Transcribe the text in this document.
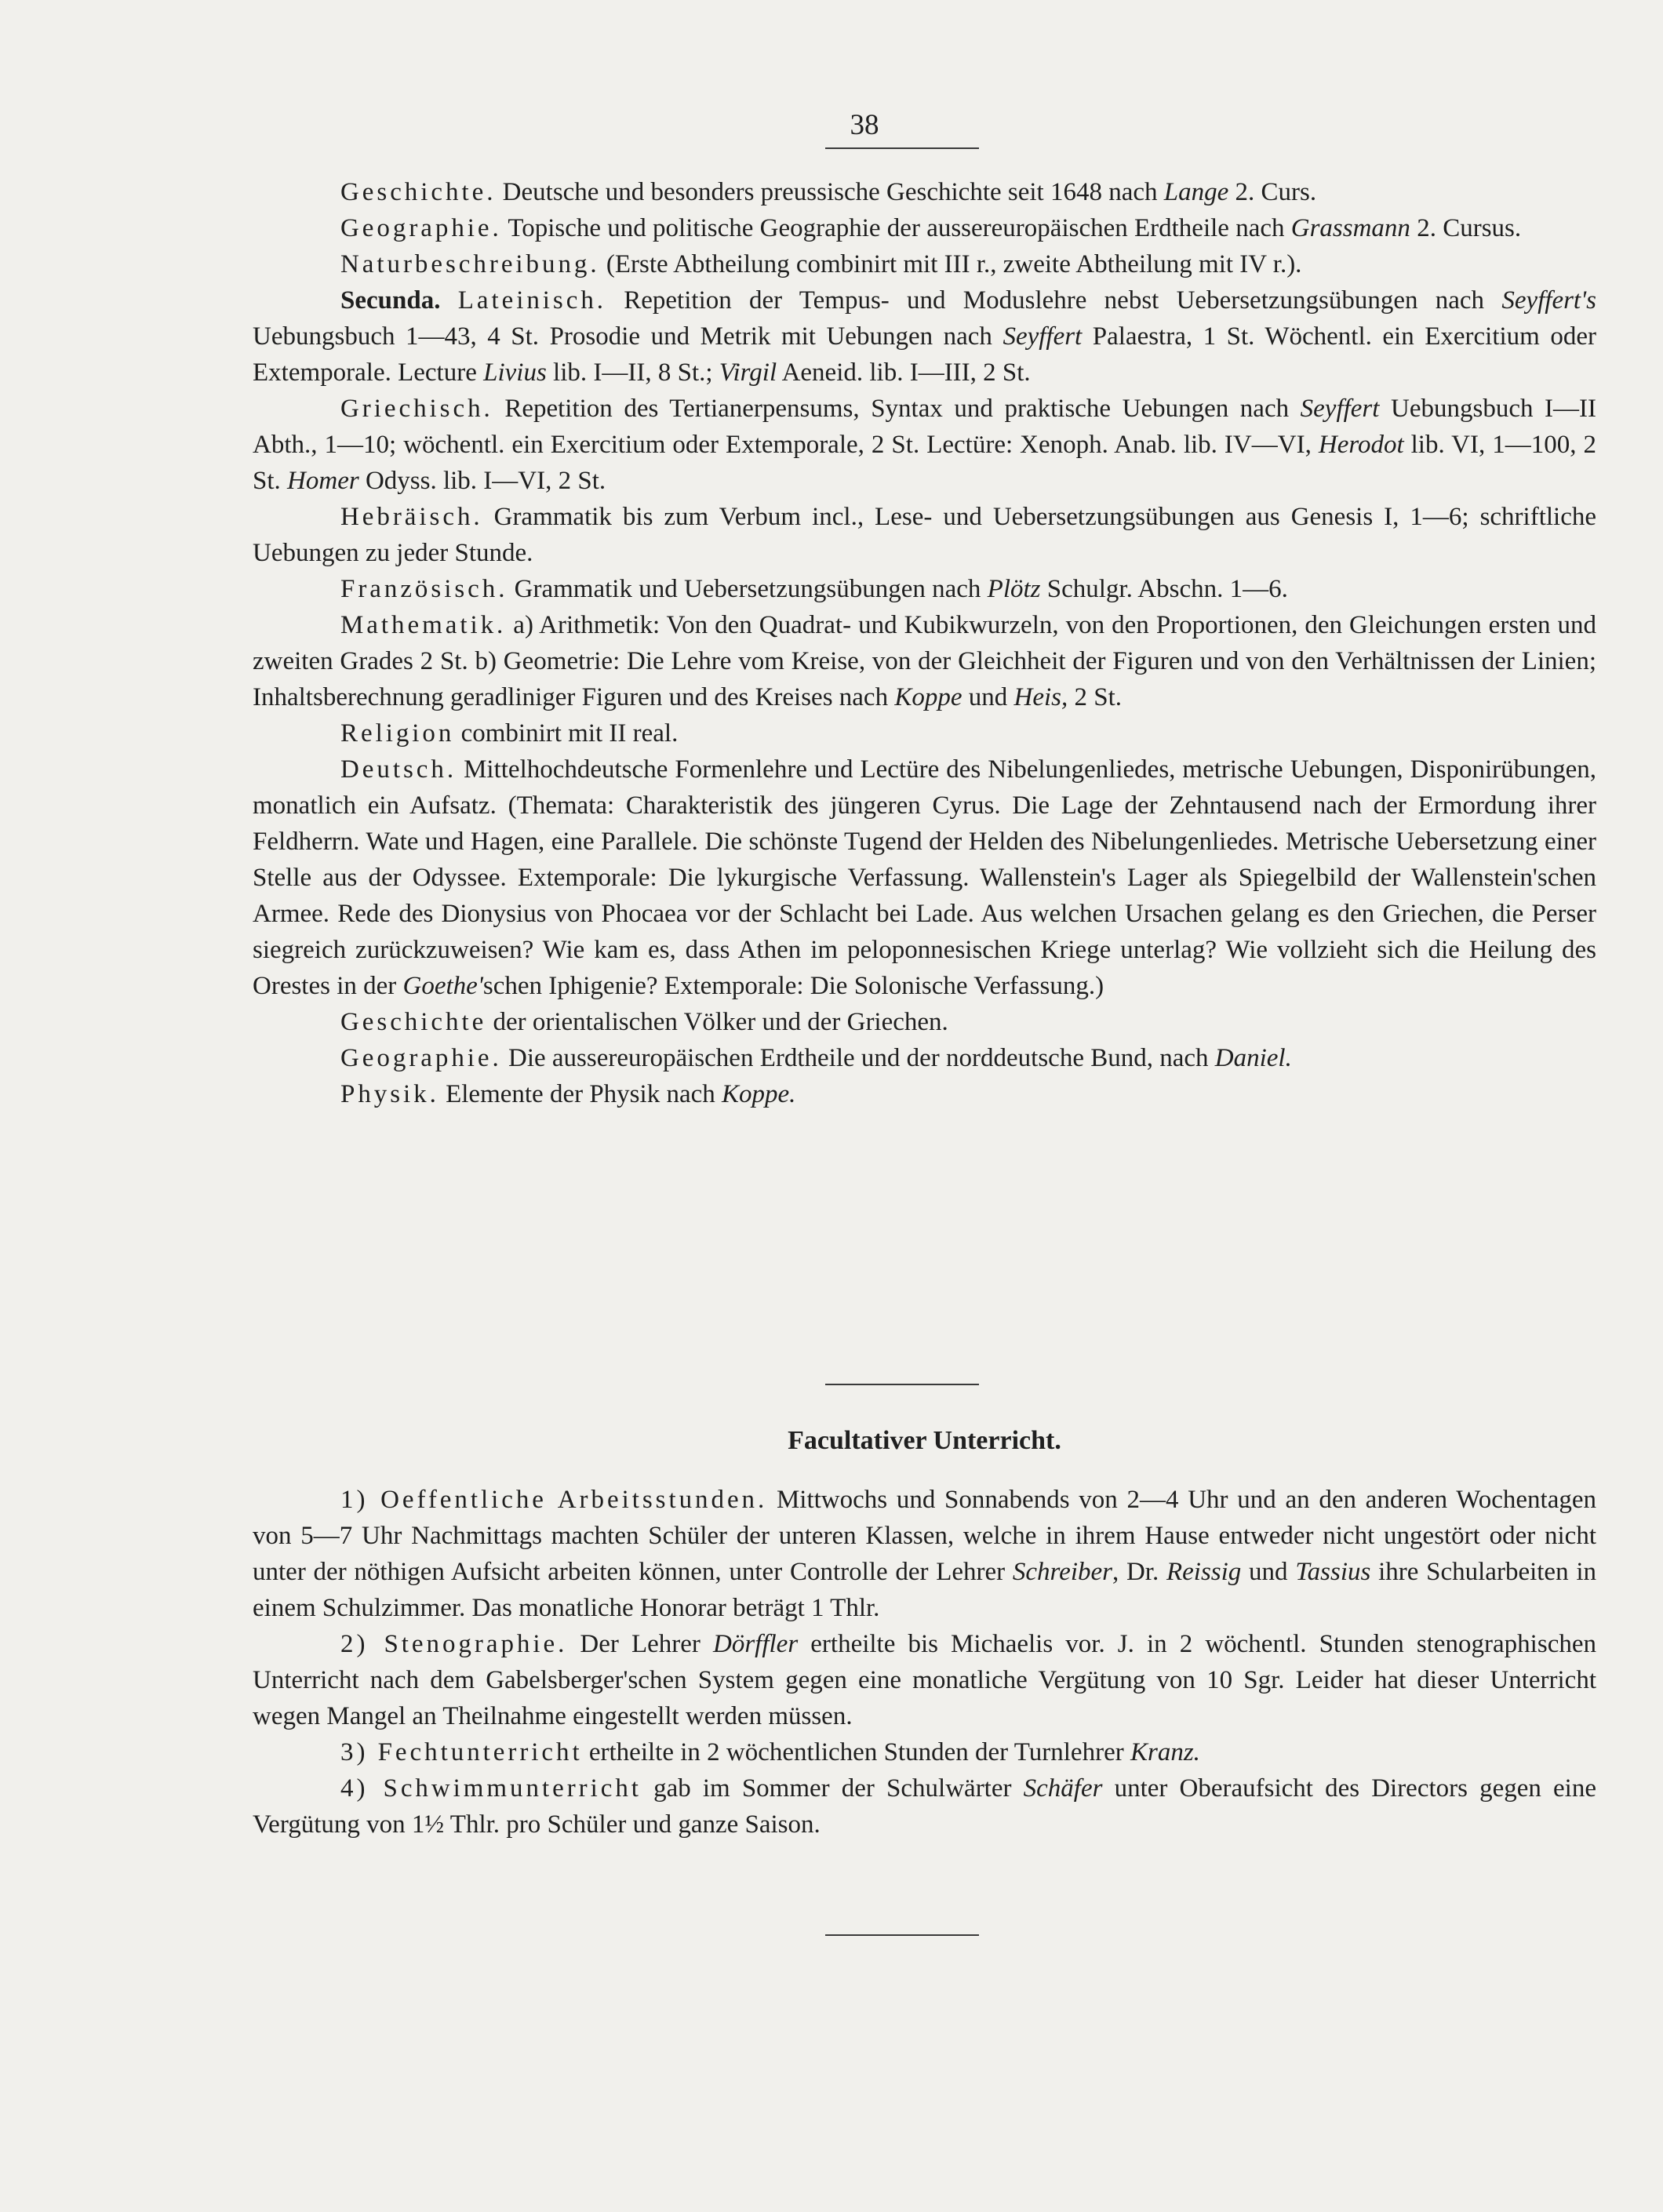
38

Geschichte. Deutsche und besonders preussische Geschichte seit 1648 nach Lange 2. Curs.

Geographie. Topische und politische Geographie der aussereuropäischen Erdtheile nach Grassmann 2. Cursus.

Naturbeschreibung. (Erste Abtheilung combinirt mit III r., zweite Abtheilung mit IV r.).

Secunda. Lateinisch. Repetition der Tempus- und Moduslehre nebst Uebersetzungsübungen nach Seyffert's Uebungsbuch 1—43, 4 St. Prosodie und Metrik mit Uebungen nach Seyffert Palaestra, 1 St. Wöchentl. ein Exercitium oder Extemporale. Lecture Livius lib. I—II, 8 St.; Virgil Aeneid. lib. I—III, 2 St.

Griechisch. Repetition des Tertianerpensums, Syntax und praktische Uebungen nach Seyffert Uebungsbuch I—II Abth., 1—10; wöchentl. ein Exercitium oder Extemporale, 2 St. Lectüre: Xenoph. Anab. lib. IV—VI, Herodot lib. VI, 1—100, 2 St. Homer Odyss. lib. I—VI, 2 St.

Hebräisch. Grammatik bis zum Verbum incl., Lese- und Uebersetzungsübungen aus Genesis I, 1—6; schriftliche Uebungen zu jeder Stunde.

Französisch. Grammatik und Uebersetzungsübungen nach Plötz Schulgr. Abschn. 1—6.

Mathematik. a) Arithmetik: Von den Quadrat- und Kubikwurzeln, von den Proportionen, den Gleichungen ersten und zweiten Grades 2 St. b) Geometrie: Die Lehre vom Kreise, von der Gleichheit der Figuren und von den Verhältnissen der Linien; Inhaltsberechnung geradliniger Figuren und des Kreises nach Koppe und Heis, 2 St.

Religion combinirt mit II real.

Deutsch. Mittelhochdeutsche Formenlehre und Lectüre des Nibelungenliedes, metrische Uebungen, Disponirübungen, monatlich ein Aufsatz. (Themata: Charakteristik des jüngeren Cyrus. Die Lage der Zehntausend nach der Ermordung ihrer Feldherrn. Wate und Hagen, eine Parallele. Die schönste Tugend der Helden des Nibelungenliedes. Metrische Uebersetzung einer Stelle aus der Odyssee. Extemporale: Die lykurgische Verfassung. Wallenstein's Lager als Spiegelbild der Wallenstein'schen Armee. Rede des Dionysius von Phocaea vor der Schlacht bei Lade. Aus welchen Ursachen gelang es den Griechen, die Perser siegreich zurückzuweisen? Wie kam es, dass Athen im peloponnesischen Kriege unterlag? Wie vollzieht sich die Heilung des Orestes in der Goethe'schen Iphigenie? Extemporale: Die Solonische Verfassung.)

Geschichte der orientalischen Völker und der Griechen.

Geographie. Die aussereuropäischen Erdtheile und der norddeutsche Bund, nach Daniel.

Physik. Elemente der Physik nach Koppe.

Facultativer Unterricht.

1) Oeffentliche Arbeitsstunden. Mittwochs und Sonnabends von 2—4 Uhr und an den anderen Wochentagen von 5—7 Uhr Nachmittags machten Schüler der unteren Klassen, welche in ihrem Hause entweder nicht ungestört oder nicht unter der nöthigen Aufsicht arbeiten können, unter Controlle der Lehrer Schreiber, Dr. Reissig und Tassius ihre Schularbeiten in einem Schulzimmer. Das monatliche Honorar beträgt 1 Thlr.

2) Stenographie. Der Lehrer Dörffler ertheilte bis Michaelis vor. J. in 2 wöchentl. Stunden stenographischen Unterricht nach dem Gabelsberger'schen System gegen eine monatliche Vergütung von 10 Sgr. Leider hat dieser Unterricht wegen Mangel an Theilnahme eingestellt werden müssen.

3) Fechtunterricht ertheilte in 2 wöchentlichen Stunden der Turnlehrer Kranz.

4) Schwimmunterricht gab im Sommer der Schulwärter Schäfer unter Oberaufsicht des Directors gegen eine Vergütung von 1½ Thlr. pro Schüler und ganze Saison.
